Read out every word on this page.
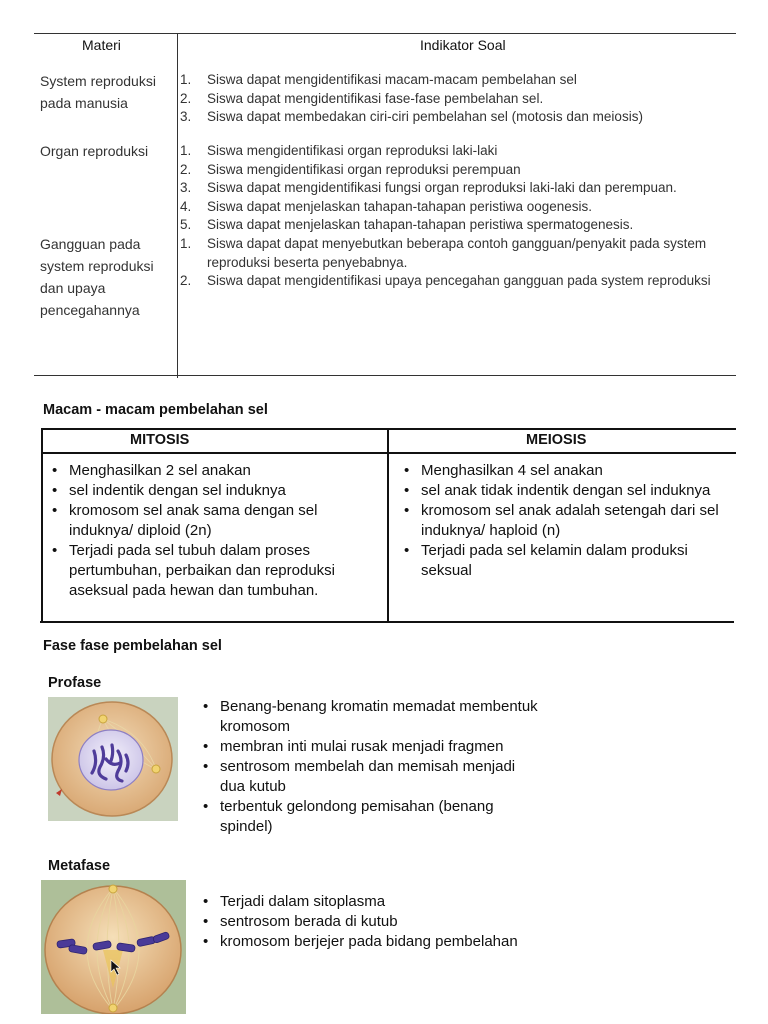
Materi	Indikator Soal
System reproduksi
pada manusia
1. Siswa dapat mengidentifikasi macam-macam pembelahan sel
2. Siswa dapat mengidentifikasi fase-fase pembelahan sel.
3. Siswa dapat membedakan ciri-ciri pembelahan sel (motosis dan meiosis)
Organ reproduksi 1. Siswa mengidentifikasi organ reproduksi laki-laki
2. Siswa mengidentifikasi organ reproduksi perempuan
3. Siswa dapat mengidentifikasi fungsi organ reproduksi laki-laki dan perempuan.
4. Siswa dapat menjelaskan tahapan-tahapan peristiwa oogenesis.
5. Siswa dapat menjelaskan tahapan-tahapan peristiwa spermatogenesis.
Gangguan pada
system reproduksi
dan upaya
pencegahannya
1. Siswa dapat dapat menyebutkan beberapa contoh gangguan/penyakit pada system
reproduksi beserta penyebabnya.
2. Siswa dapat mengidentifikasi upaya pencegahan gangguan pada system reproduksi
Macam - macam pembelahan sel
MITOSIS	MEIOSIS
• Menghasilkan 2 sel anakan
• sel indentik dengan sel induknya
• kromosom sel anak sama dengan sel induknya/ diploid (2n)
• Terjadi pada sel tubuh dalam proses pertumbuhan, perbaikan dan reproduksi aseksual pada hewan dan tumbuhan.
• Menghasilkan 4 sel anakan
• sel anak tidak indentik dengan sel induknya
• kromosom sel anak adalah setengah dari sel induknya/ haploid (n)
• Terjadi pada sel kelamin dalam produksi seksual
Fase fase pembelahan sel
Profase
• Benang-benang kromatin memadat membentuk kromosom
• membran inti mulai rusak menjadi fragmen
• sentrosom membelah dan memisah menjadi dua kutub
• terbentuk gelondong pemisahan (benang spindel)
Metafase
• Terjadi dalam sitoplasma
• sentrosom berada di kutub
• kromosom berjejer pada bidang pembelahan
